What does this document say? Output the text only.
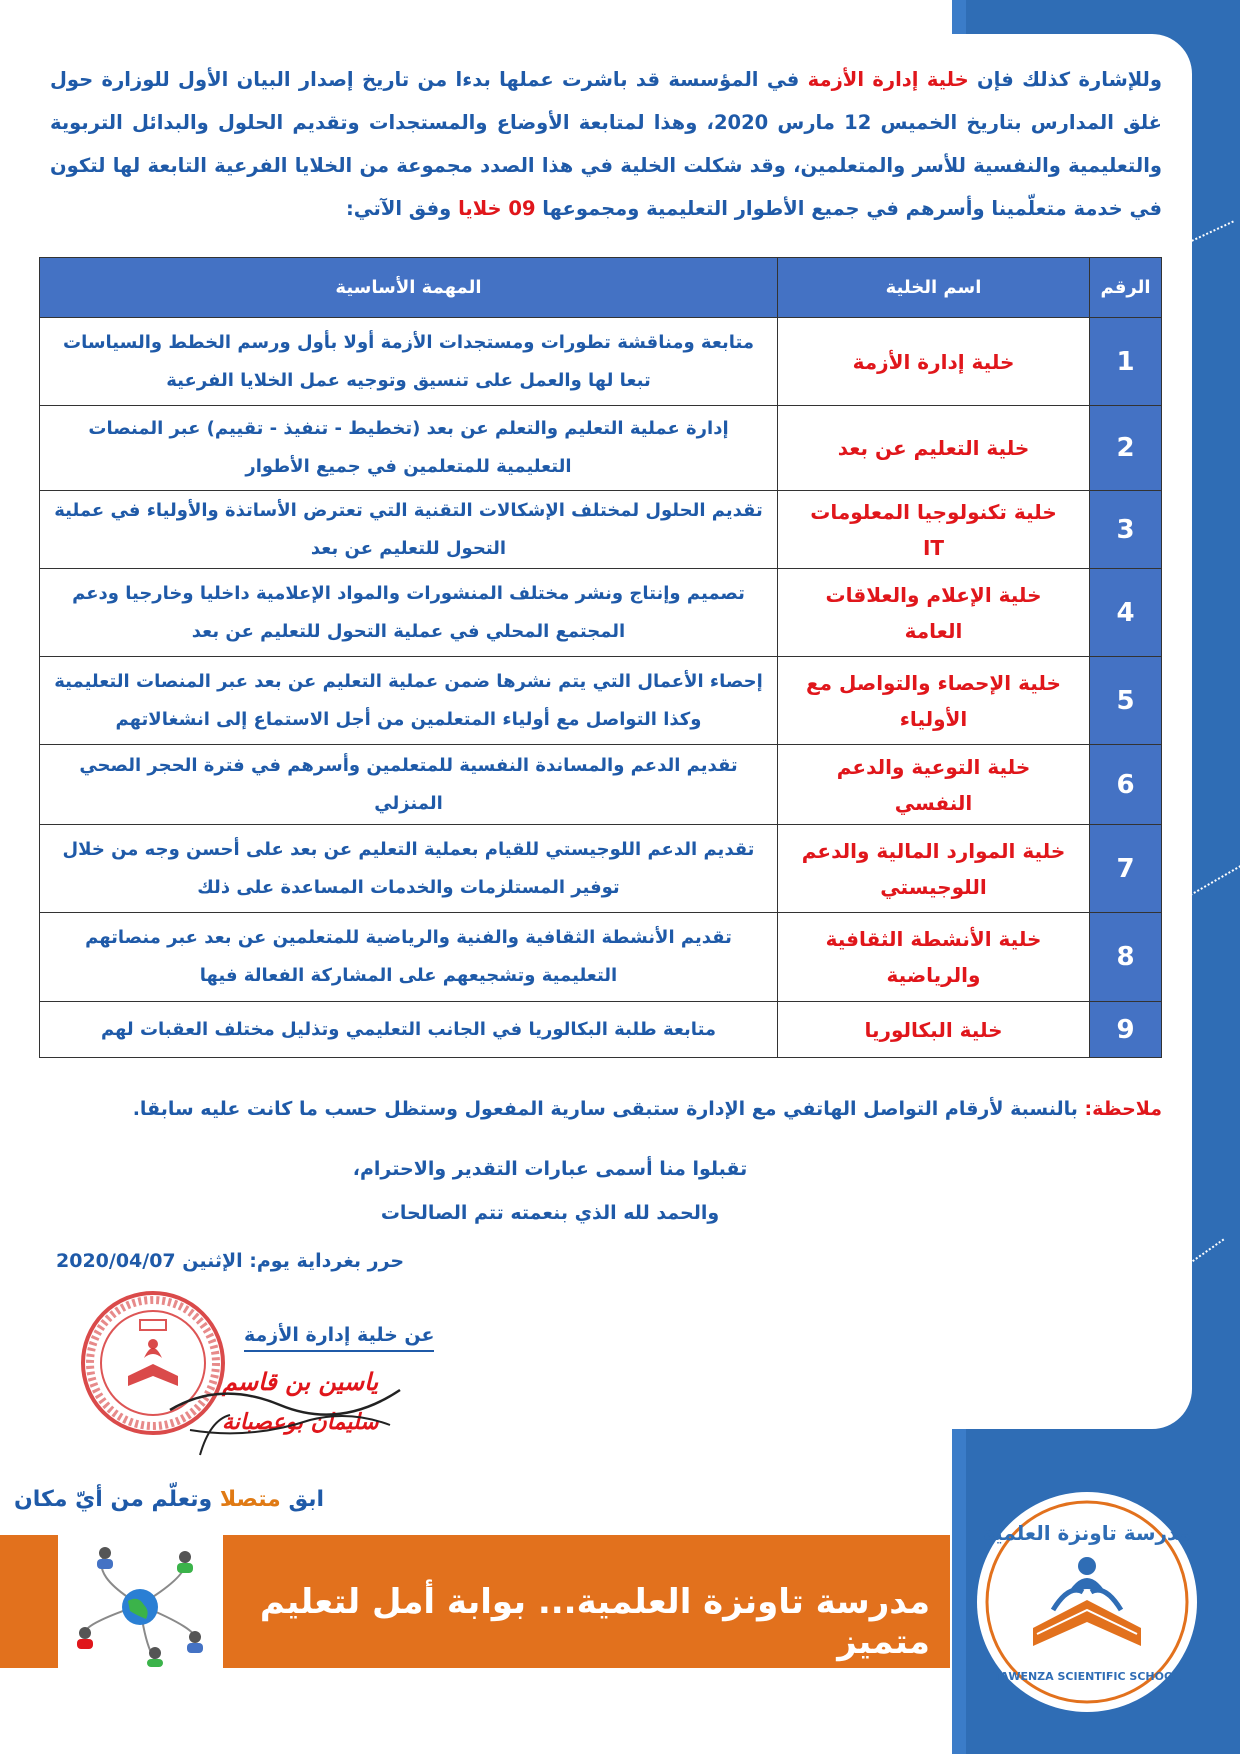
وللإشارة كذلك فإن خلية إدارة الأزمة في المؤسسة قد باشرت عملها بدءا من تاريخ إصدار البيان الأول للوزارة حول غلق المدارس بتاريخ الخميس 12 مارس 2020، وهذا لمتابعة الأوضاع والمستجدات وتقديم الحلول والبدائل التربوية والتعليمية والنفسية للأسر والمتعلمين، وقد شكلت الخلية في هذا الصدد مجموعة من الخلايا الفرعية التابعة لها لتكون في خدمة متعلّمينا وأسرهم في جميع الأطوار التعليمية ومجموعها 09 خلايا وفق الآتي:
الرقم	اسم الخلية	المهمة الأساسية
1	خلية إدارة الأزمة	متابعة ومناقشة تطورات ومستجدات الأزمة أولا بأول ورسم الخطط والسياسات تبعا لها والعمل على تنسيق وتوجيه عمل الخلايا الفرعية
2	خلية التعليم عن بعد	إدارة عملية التعليم والتعلم عن بعد (تخطيط - تنفيذ - تقييم) عبر المنصات التعليمية للمتعلمين في جميع الأطوار
3	خلية تكنولوجيا المعلومات IT	تقديم الحلول لمختلف الإشكالات التقنية التي تعترض الأساتذة والأولياء في عملية التحول للتعليم عن بعد
4	خلية الإعلام والعلاقات العامة	تصميم وإنتاج ونشر مختلف المنشورات والمواد الإعلامية داخليا وخارجيا ودعم المجتمع المحلي في عملية التحول للتعليم عن بعد
5	خلية الإحصاء والتواصل مع الأولياء	إحصاء الأعمال التي يتم نشرها ضمن عملية التعليم عن بعد عبر المنصات التعليمية وكذا التواصل مع أولياء المتعلمين من أجل الاستماع إلى انشغالاتهم
6	خلية التوعية والدعم النفسي	تقديم الدعم والمساندة النفسية للمتعلمين وأسرهم في فترة الحجر الصحي المنزلي
7	خلية الموارد المالية والدعم اللوجيستي	تقديم الدعم اللوجيستي للقيام بعملية التعليم عن بعد على أحسن وجه من خلال توفير المستلزمات والخدمات المساعدة على ذلك
8	خلية الأنشطة الثقافية والرياضية	تقديم الأنشطة الثقافية والفنية والرياضية للمتعلمين عن بعد عبر منصاتهم التعليمية وتشجيعهم على المشاركة الفعالة فيها
9	خلية البكالوريا	متابعة طلبة البكالوريا في الجانب التعليمي وتذليل مختلف العقبات لهم
ملاحظة: بالنسبة لأرقام التواصل الهاتفي مع الإدارة ستبقى سارية المفعول وستظل حسب ما كانت عليه سابقا.
تقبلوا منا أسمى عبارات التقدير والاحترام،
والحمد لله الذي بنعمته تتم الصالحات
حرر بغرداية يوم: الإثنين 2020/04/07
عن خلية إدارة الأزمة
ياسين بن قاسم
سليمان بوعصبانة
ابق متصلا وتعلّم من أيّ مكان
مدرسة تاونزة العلمية... بوابة أمل لتعليم متميز
مدرسة تاونزة العلمية
TAWENZA SCIENTIFIC SCHOOL
